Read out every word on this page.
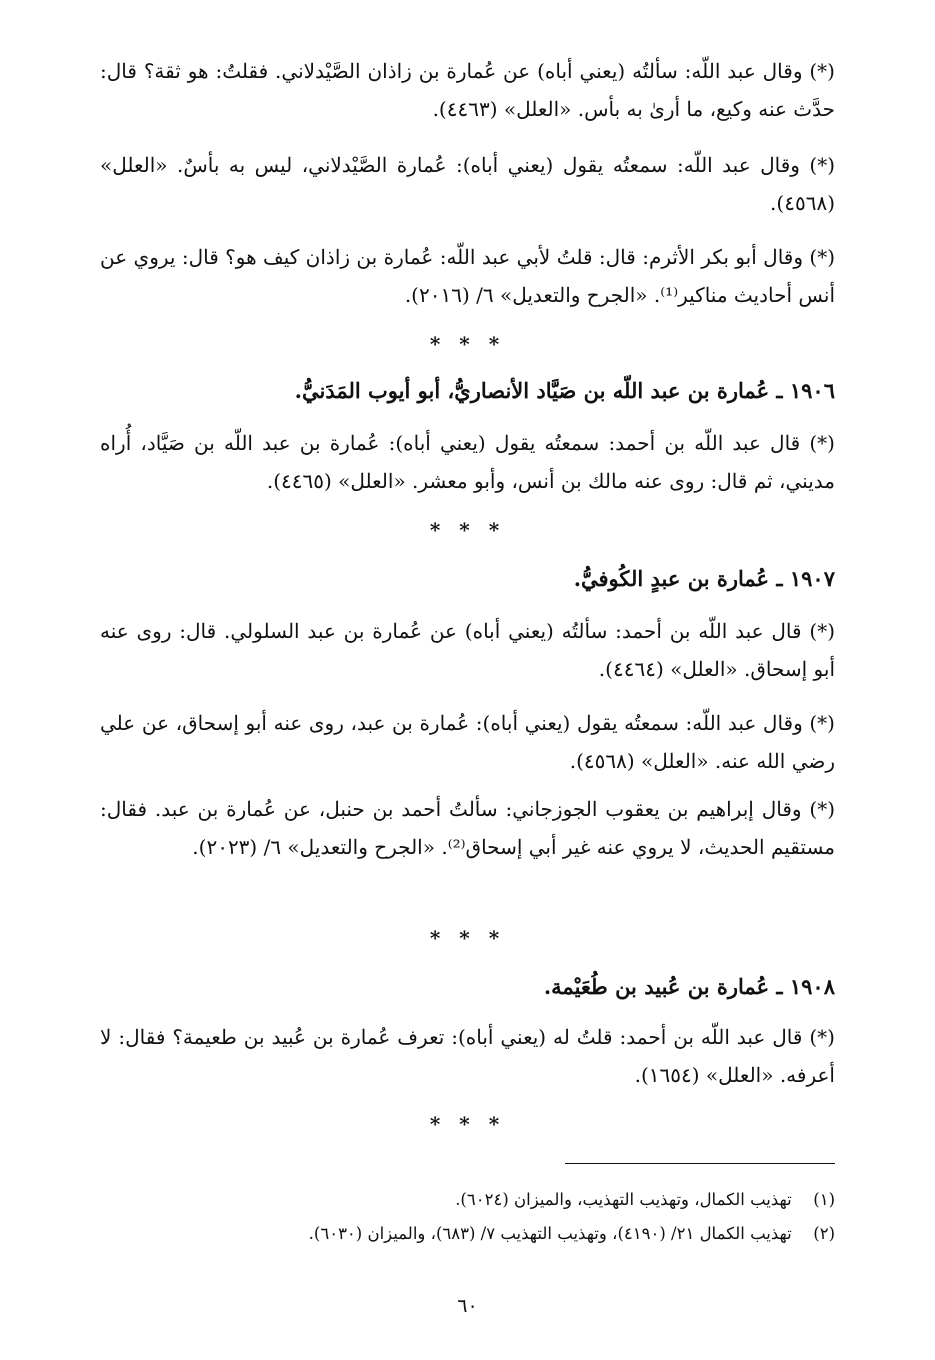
(*) وقال عبد اللّه: سألتُه (يعني أباه) عن عُمارة بن زاذان الصَّيْدلاني. فقلتُ: هو ثقة؟ قال: حدَّث عنه وكيع، ما أرىٰ به بأس. «العلل» (٤٤٦٣).

(*) وقال عبد اللّه: سمعتُه يقول (يعني أباه): عُمارة الصَّيْدلاني، ليس به بأسٌ. «العلل» (٤٥٦٨).

(*) وقال أبو بكر الأثرم: قال: قلتُ لأبي عبد اللّه: عُمارة بن زاذان كيف هو؟ قال: يروي عن أنس أحاديث مناكير⁽¹⁾. «الجرح والتعديل» ٦/ (٢٠١٦).

* * *

١٩٠٦ ـ عُمارة بن عبد اللّه بن صَيَّاد الأنصاريُّ، أبو أيوب المَدَنيُّ.

(*) قال عبد اللّه بن أحمد: سمعتُه يقول (يعني أباه): عُمارة بن عبد اللّه بن صَيَّاد، أُراه مديني، ثم قال: روى عنه مالك بن أنس، وأبو معشر. «العلل» (٤٤٦٥).

* * *

١٩٠٧ ـ عُمارة بن عبدٍ الكُوفيُّ.

(*) قال عبد اللّه بن أحمد: سألتُه (يعني أباه) عن عُمارة بن عبد السلولي. قال: روى عنه أبو إسحاق. «العلل» (٤٤٦٤).

(*) وقال عبد اللّه: سمعتُه يقول (يعني أباه): عُمارة بن عبد، روى عنه أبو إسحاق، عن علي رضي الله عنه. «العلل» (٤٥٦٨).

(*) وقال إبراهيم بن يعقوب الجوزجاني: سألتُ أحمد بن حنبل، عن عُمارة بن عبد. فقال: مستقيم الحديث، لا يروي عنه غير أبي إسحاق⁽²⁾. «الجرح والتعديل» ٦/ (٢٠٢٣).

* * *

١٩٠٨ ـ عُمارة بن عُبيد بن طُعَيْمة.

(*) قال عبد اللّه بن أحمد: قلتُ له (يعني أباه): تعرف عُمارة بن عُبيد بن طعيمة؟ فقال: لا أعرفه. «العلل» (١٦٥٤).

* * *

(١) تهذيب الكمال، وتهذيب التهذيب، والميزان (٦٠٢٤).

(٢) تهذيب الكمال ٢١/ (٤١٩٠)، وتهذيب التهذيب ٧/ (٦٨٣)، والميزان (٦٠٣٠).

٦٠
